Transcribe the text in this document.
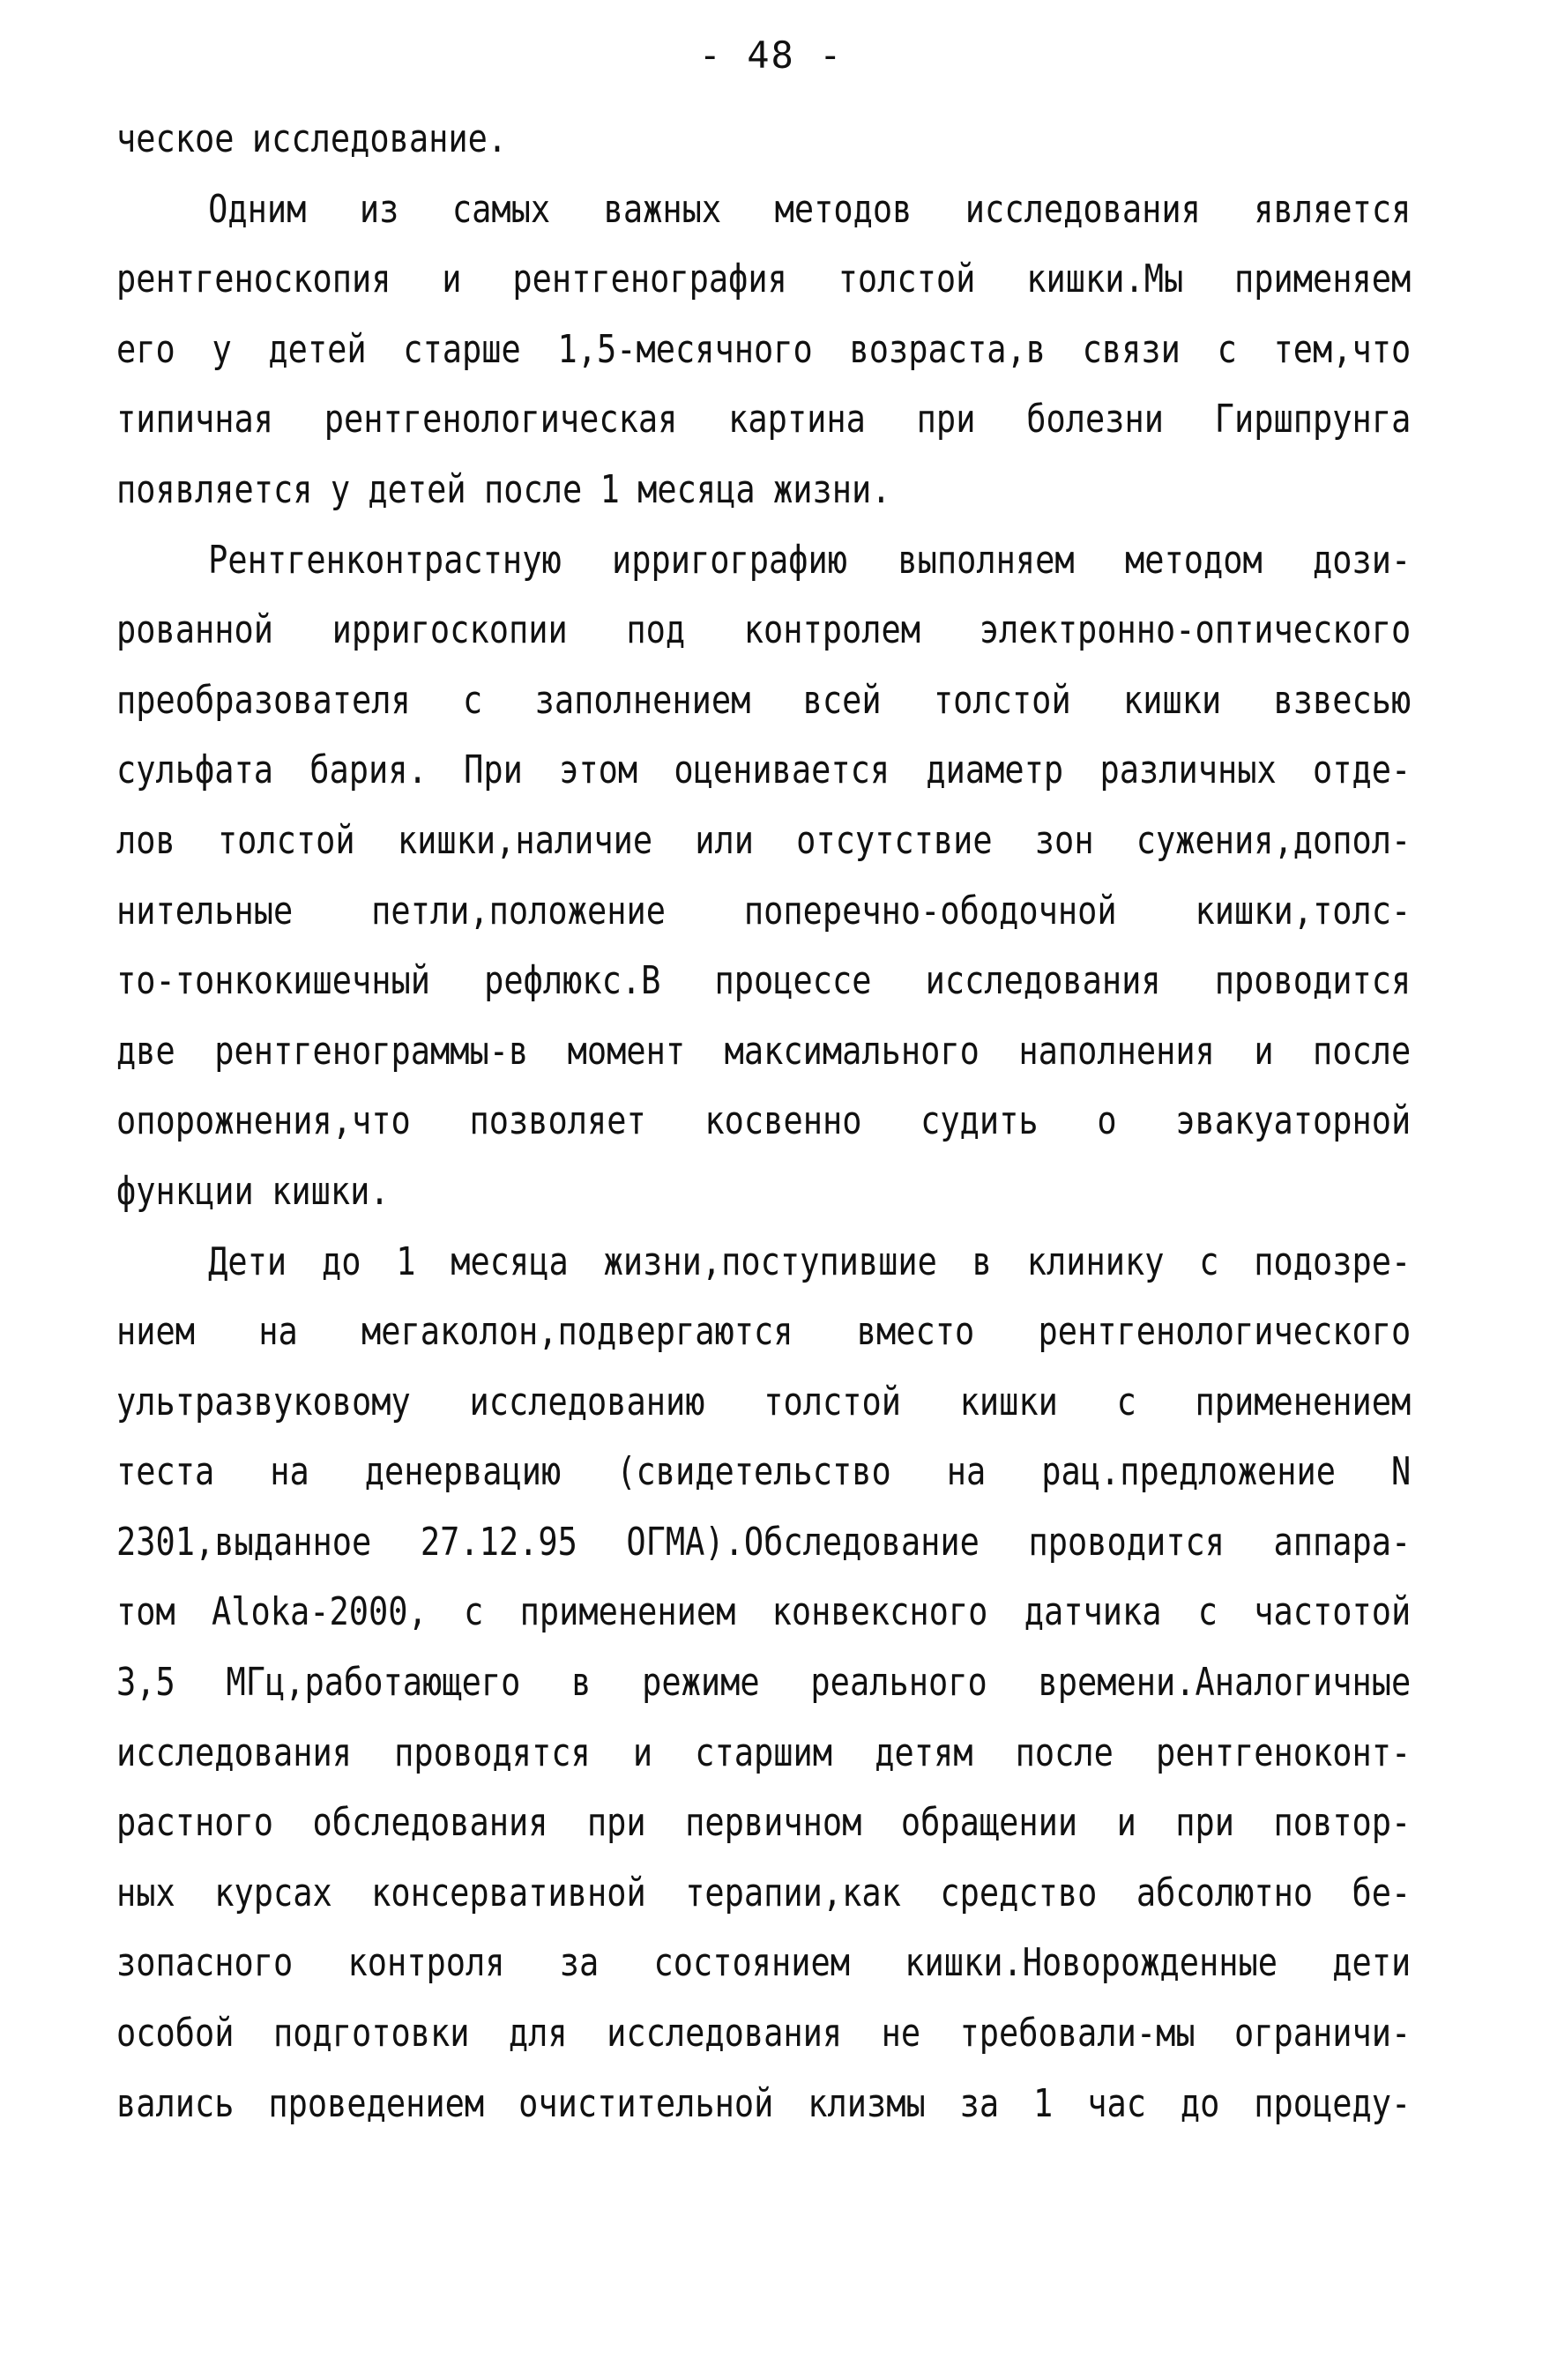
- 48 -
ческое исследование.
Одним из самых важных методов исследования является
рентгеноскопия и рентгенография толстой кишки.Мы применяем
его у детей старше 1,5-месячного возраста,в связи с тем,что
типичная рентгенологическая картина при болезни Гиршпрунга
появляется у детей после 1 месяца жизни.
Рентгенконтрастную ирригографию выполняем методом дози-
рованной ирригоскопии под контролем электронно-оптического
преобразователя с заполнением всей толстой кишки взвесью
сульфата бария. При этом оценивается диаметр различных отде-
лов толстой кишки,наличие или отсутствие зон сужения,допол-
нительные петли,положение поперечно-ободочной кишки,толс-
то-тонкокишечный рефлюкс.В процессе исследования проводится
две рентгенограммы-в момент максимального наполнения и после
опорожнения,что позволяет косвенно судить о эвакуаторной
функции кишки.
Дети до 1 месяца жизни,поступившие в клинику с подозре-
нием на мегаколон,подвергаются вместо рентгенологического
ультразвуковому исследованию толстой кишки с применением
теста на денервацию (свидетельство на рац.предложение N
2301,выданное 27.12.95 ОГМА).Обследование проводится аппара-
том Aloka-2000, с применением конвексного датчика с частотой
3,5 МГц,работающего в режиме реального времени.Аналогичные
исследования проводятся и старшим детям после рентгеноконт-
растного обследования при первичном обращении и при повтор-
ных курсах консервативной терапии,как средство абсолютно бе-
зопасного контроля за состоянием кишки.Новорожденные дети
особой подготовки для исследования не требовали-мы ограничи-
вались проведением очистительной клизмы за 1 час до процеду-
